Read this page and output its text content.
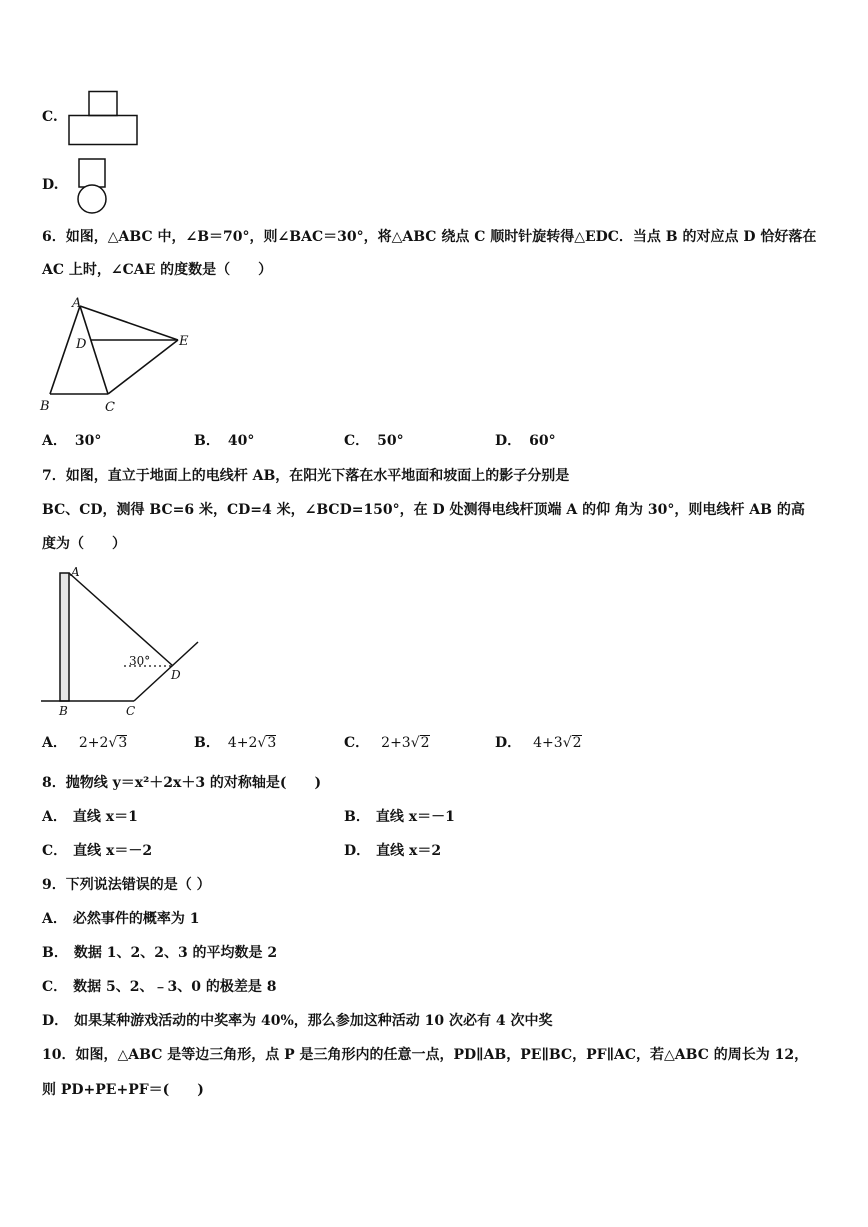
C.
D.
6．如图，△ABC 中，∠B＝70°，则∠BAC＝30°，将△ABC 绕点 C 顺时针旋转得△EDC．当点 B 的对应点 D 恰好落在
AC 上时，∠CAE 的度数是（　　）
A
D	E
B	C
A． 30°	B． 40°	C． 50°	D． 60°
7．如图，直立于地面上的电线杆 AB，在阳光下落在水平地面和坡面上的影子分别是
BC、CD，测得 BC=6 米，CD=4 米，∠BCD=150°，在 D 处测得电线杆顶端 A 的仰 角为 30°，则电线杆 AB 的高
度为（　　）
A
30°
D
B	C
A． 2+2√3	B． 4+2√3	C． 2+3√2	D． 4+3√2
8．抛物线 y＝x²＋2x＋3 的对称轴是(　　)
A． 直线 x＝1	B． 直线 x＝－1
C． 直线 x＝－2	D． 直线 x＝2
9．下列说法错误的是（ ）
A． 必然事件的概率为 1
B． 数据 1、2、2、3 的平均数是 2
C． 数据 5、2、﹣3、0 的极差是 8
D． 如果某种游戏活动的中奖率为 40%，那么参加这种活动 10 次必有 4 次中奖
10．如图，△ABC 是等边三角形，点 P 是三角形内的任意一点，PD∥AB，PE∥BC，PF∥AC，若△ABC 的周长为 12，
则 PD+PE+PF＝(　　)
